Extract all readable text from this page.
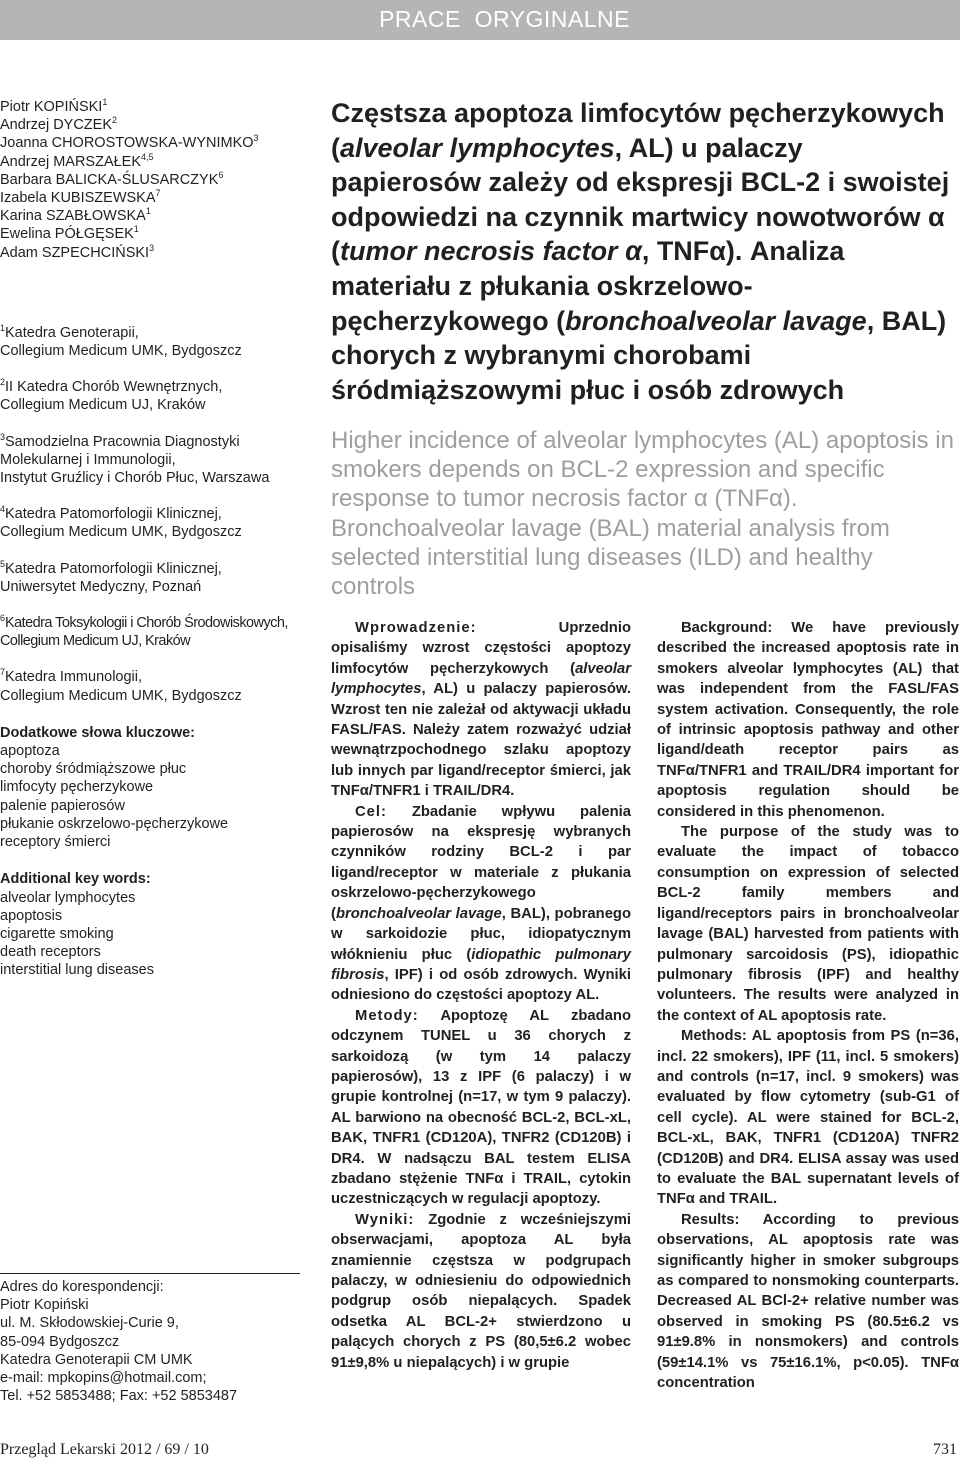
PRACE  ORYGINALNE
Piotr KOPIŃSKI$^1$
Andrzej DYCZEK$^2$
Joanna CHOROSTOWSKA-WYNIMKO$^3$
Andrzej MARSZAŁEK$^{4,5}$
Barbara BALICKA-ŚLUSARCZYK$^6$
Izabela KUBISZEWSKA$^7$
Karina SZABŁOWSKA$^1$
Ewelina PÓŁGĘSEK$^1$
Adam SZPECHCIŃSKI$^3$
$^1$Katedra Genoterapii,
Collegium Medicum UMK, Bydgoszcz
$^2$II Katedra Chorób Wewnętrznych,
Collegium Medicum UJ, Kraków
$^3$Samodzielna Pracownia Diagnostyki
Molekularnej i Immunologii,
Instytut Gruźlicy i Chorób Płuc, Warszawa
$^4$Katedra Patomorfologii Klinicznej,
Collegium Medicum UMK, Bydgoszcz
$^5$Katedra Patomorfologii Klinicznej,
Uniwersytet Medyczny, Poznań
$^6$Katedra Toksykologii i Chorób Środowiskowych,
Collegium Medicum UJ, Kraków
$^7$Katedra Immunologii,
Collegium Medicum UMK, Bydgoszcz
Dodatkowe słowa kluczowe:
apoptoza
choroby śródmiąższowe płuc
limfocyty pęcherzykowe
palenie papierosów
płukanie oskrzelowo-pęcherzykowe
receptory śmierci
Additional key words:
alveolar lymphocytes
apoptosis
cigarette smoking
death receptors
interstitial lung diseases
Adres do korespondencji:
Piotr Kopiński
ul. M. Skłodowskiej-Curie 9,
85-094 Bydgoszcz
Katedra Genoterapii CM UMK
e-mail: mpkopins@hotmail.com;
Tel. +52 5853488; Fax: +52 5853487
Częstsza apoptoza limfocytów pęcherzykowych (alveolar lymphocytes, AL) u palaczy papierosów zależy od ekspresji BCL-2 i swoistej odpowiedzi na czynnik martwicy nowotworów α (tumor necrosis factor α, TNFα). Analiza materiału z płukania oskrzelowo-pęcherzykowego (bronchoalveolar lavage, BAL) chorych z wybranymi chorobami śródmiąższowymi płuc i osób zdrowych
Higher incidence of alveolar lymphocytes (AL) apoptosis in smokers depends on BCL-2 expression and specific response to tumor necrosis factor α (TNFα). Bronchoalveolar lavage (BAL) material analysis from selected interstitial lung diseases (ILD) and healthy controls

Wprowadzenie: Uprzednio opisaliśmy wzrost częstości apoptozy limfocytów pęcherzykowych (alveolar lymphocytes, AL) u palaczy papierosów. Wzrost ten nie zależał od aktywacji układu FASL/FAS. Należy zatem rozważyć udział wewnątrzpochodnego szlaku apoptozy lub innych par ligand/receptor śmierci, jak TNFα/TNFR1 i TRAIL/DR4.

Cel: Zbadanie wpływu palenia papierosów na ekspresję wybranych czynników rodziny BCL-2 i par ligand/receptor w materiale z płukania oskrzelowo-pęcherzykowego (bronchoalveolar lavage, BAL), pobranego w sarkoidozie płuc, idiopatycznym włóknieniu płuc (idiopathic pulmonary fibrosis, IPF) i od osób zdrowych. Wyniki odniesiono do częstości apoptozy AL.

Metody: Apoptozę AL zbadano odczynem TUNEL u 36 chorych z sarkoidozą (w tym 14 palaczy papierosów), 13 z IPF (6 palaczy) i w grupie kontrolnej (n=17, w tym 9 palaczy). AL barwiono na obecność BCL-2, BCL-xL, BAK, TNFR1 (CD120A), TNFR2 (CD120B) i DR4. W nadsączu BAL testem ELISA zbadano stężenie TNFα i TRAIL, cytokin uczestniczących w regulacji apoptozy.

Wyniki: Zgodnie z wcześniejszymi obserwacjami, apoptoza AL była znamiennie częstsza w podgrupach palaczy, w odniesieniu do odpowiednich podgrup osób niepalących. Spadek odsetka AL BCL-2+ stwierdzono u palących chorych z PS (80,5±6.2 wobec 91±9,8% u niepalących) i w grupie

Background: We have previously described the increased apoptosis rate in smokers alveolar lymphocytes (AL) that was independent from the FASL/FAS system activation. Consequently, the role of intrinsic apoptosis pathway and other ligand/death receptor pairs as TNFα/TNFR1 and TRAIL/DR4 important for apoptosis regulation should be considered in this phenomenon.

The purpose of the study was to evaluate the impact of tobacco consumption on expression of selected BCL-2 family members and ligand/receptors pairs in bronchoalveolar lavage (BAL) harvested from patients with pulmonary sarcoidosis (PS), idiopathic pulmonary fibrosis (IPF) and healthy volunteers. The results were analyzed in the context of AL apoptosis rate.

Methods: AL apoptosis from PS (n=36, incl. 22 smokers), IPF (11, incl. 5 smokers) and controls (n=17, incl. 9 smokers) was evaluated by flow cytometry (sub-G1 of cell cycle). AL were stained for BCL-2, BCL-xL, BAK, TNFR1 (CD120A) TNFR2 (CD120B) and DR4. ELISA assay was used to evaluate the BAL supernatant levels of TNFα and TRAIL.

Results: According to previous observations, AL apoptosis rate was significantly higher in smoker subgroups as compared to nonsmoking counterparts. Decreased AL BCl-2+ relative number was observed in smoking PS (80.5±6.2 vs 91±9.8% in nonsmokers) and controls (59±14.1% vs 75±16.1%, p<0.05). TNFα concentration

Przegląd Lekarski 2012 / 69 / 10	731
